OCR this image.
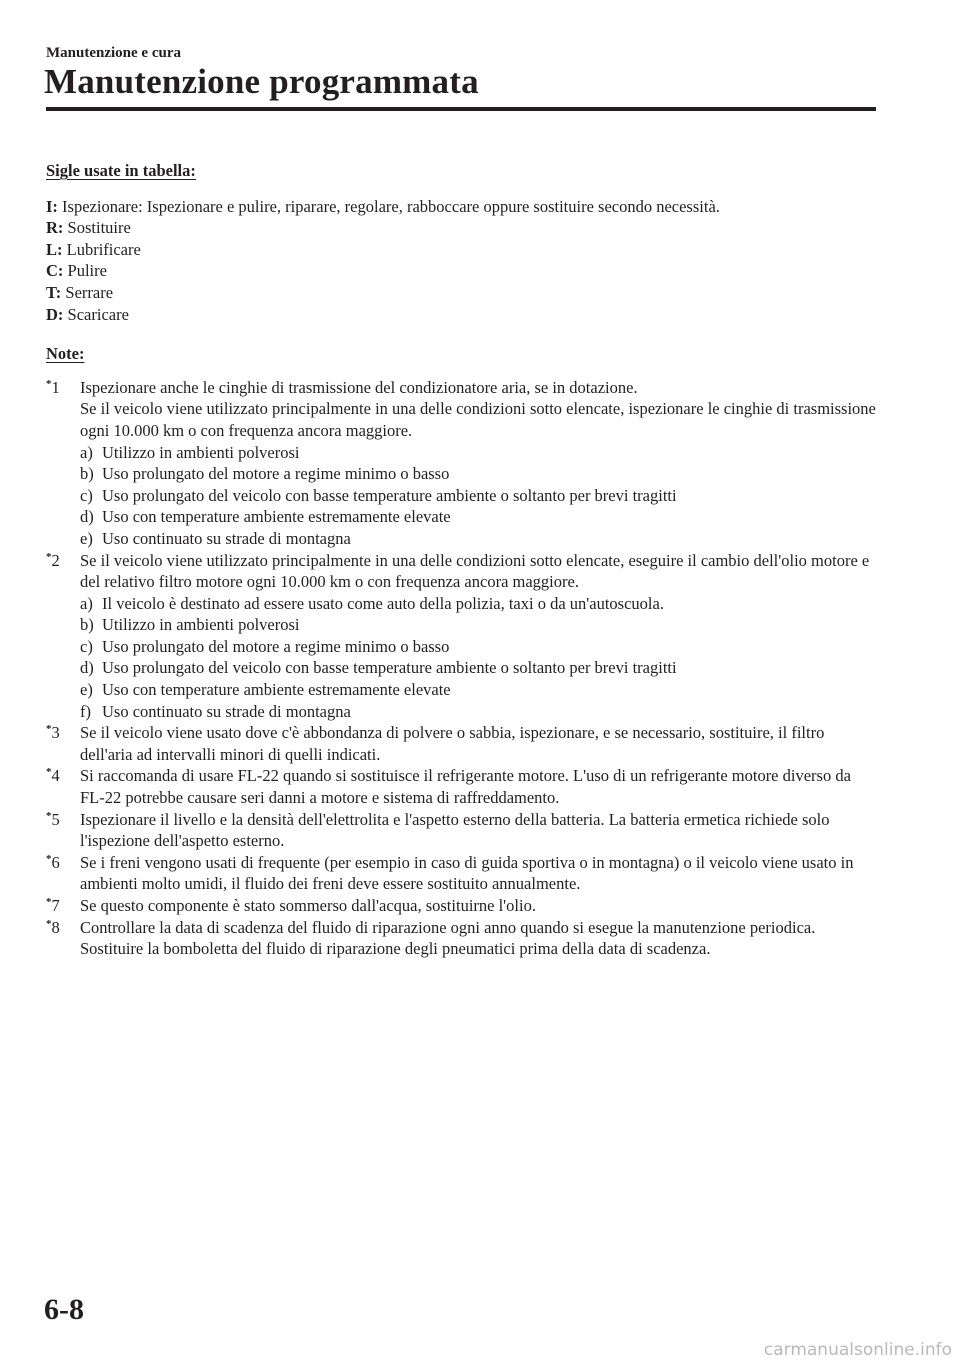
Manutenzione e cura
Manutenzione programmata
Sigle usate in tabella:
I: Ispezionare: Ispezionare e pulire, riparare, regolare, rabboccare oppure sostituire secondo necessità.
R: Sostituire
L: Lubrificare
C: Pulire
T: Serrare
D: Scaricare
Note:
*1	Ispezionare anche le cinghie di trasmissione del condizionatore aria, se in dotazione.

Se il veicolo viene utilizzato principalmente in una delle condizioni sotto elencate, ispezionare le cinghie di trasmissione ogni 10.000 km o con frequenza ancora maggiore.

a) Utilizzo in ambienti polverosi
b) Uso prolungato del motore a regime minimo o basso
c) Uso prolungato del veicolo con basse temperature ambiente o soltanto per brevi tragitti
d) Uso con temperature ambiente estremamente elevate
e) Uso continuato su strade di montagna
*2	Se il veicolo viene utilizzato principalmente in una delle condizioni sotto elencate, eseguire il cambio dell'olio motore e del relativo filtro motore ogni 10.000 km o con frequenza ancora maggiore.

a) Il veicolo è destinato ad essere usato come auto della polizia, taxi o da un'autoscuola.
b) Utilizzo in ambienti polverosi
c) Uso prolungato del motore a regime minimo o basso
d) Uso prolungato del veicolo con basse temperature ambiente o soltanto per brevi tragitti
e) Uso con temperature ambiente estremamente elevate
f) Uso continuato su strade di montagna
*3	Se il veicolo viene usato dove c'è abbondanza di polvere o sabbia, ispezionare, e se necessario, sostituire, il filtro dell'aria ad intervalli minori di quelli indicati.

*4	Si raccomanda di usare FL-22 quando si sostituisce il refrigerante motore. L'uso di un refrigerante motore diverso da FL-22 potrebbe causare seri danni a motore e sistema di raffreddamento.

*5	Ispezionare il livello e la densità dell'elettrolita e l'aspetto esterno della batteria. La batteria ermetica richiede solo l'ispezione dell'aspetto esterno.

*6	Se i freni vengono usati di frequente (per esempio in caso di guida sportiva o in montagna) o il veicolo viene usato in ambienti molto umidi, il fluido dei freni deve essere sostituito annualmente.

*7	Se questo componente è stato sommerso dall'acqua, sostituirne l'olio.

*8	Controllare la data di scadenza del fluido di riparazione ogni anno quando si esegue la manutenzione periodica. Sostituire la bomboletta del fluido di riparazione degli pneumatici prima della data di scadenza.

6-8
carmanualsonline.info
